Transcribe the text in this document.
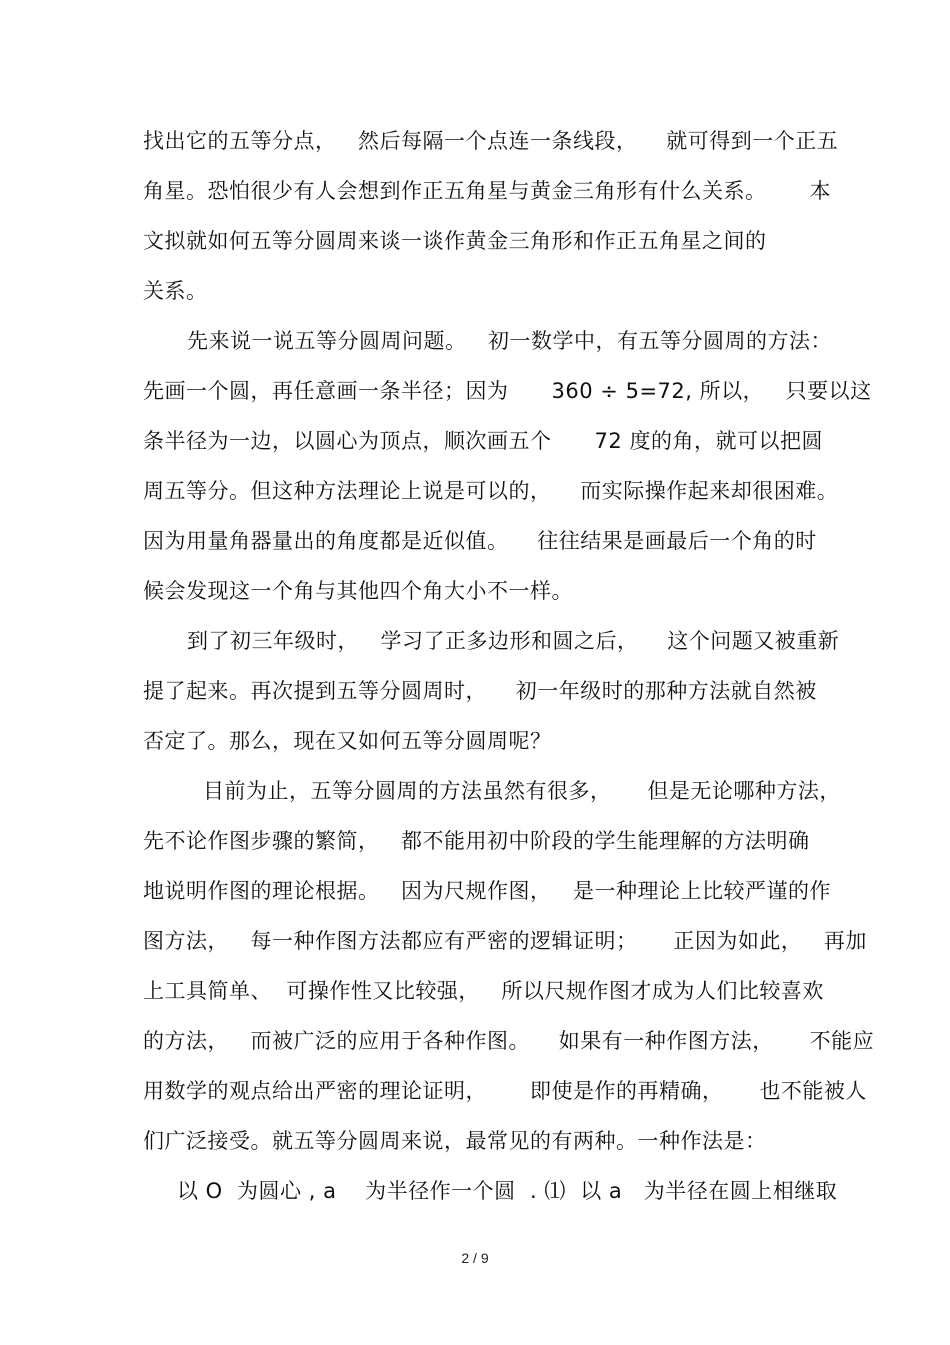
找出它的五等分点，   然后每隔一个点连一条线段，    就可得到一个正五
角星。恐怕很少有人会想到作正五角星与黄金三角形有什么关系。      本
文拟就如何五等分圆周来谈一谈作黄金三角形和作正五角星之间的
关系。
先来说一说五等分圆周问题。   初一数学中，有五等分圆周的方法：
先画一个圆，再任意画一条半径；因为      360 ÷ 5=72, 所以，   只要以这
条半径为一边，以圆心为顶点，顺次画五个      72 度的角，就可以把圆
周五等分。但这种方法理论上说是可以的，    而实际操作起来却很困难。
因为用量角器量出的角度都是近似值。    往往结果是画最后一个角的时
候会发现这一个角与其他四个角大小不一样。
到了初三年级时，   学习了正多边形和圆之后，    这个问题又被重新
提了起来。再次提到五等分圆周时，    初一年级时的那种方法就自然被
否定了。那么，现在又如何五等分圆周呢？
目前为止，五等分圆周的方法虽然有很多，     但是无论哪种方法，
先不论作图步骤的繁简，   都不能用初中阶段的学生能理解的方法明确
地说明作图的理论根据。   因为尺规作图，   是一种理论上比较严谨的作
图方法，   每一种作图方法都应有严密的逻辑证明；     正因为如此，   再加
上工具简单、  可操作性又比较强，   所以尺规作图才成为人们比较喜欢
的方法，   而被广泛的应用于各种作图。    如果有一种作图方法，     不能应
用数学的观点给出严密的理论证明，      即使是作的再精确，     也不能被人
们广泛接受。就五等分圆周来说，最常见的有两种。一种作法是：
以 O  为圆心 , a    为半径作一个圆  . ⑴  以 a   为半径在圆上相继取
2 / 9
